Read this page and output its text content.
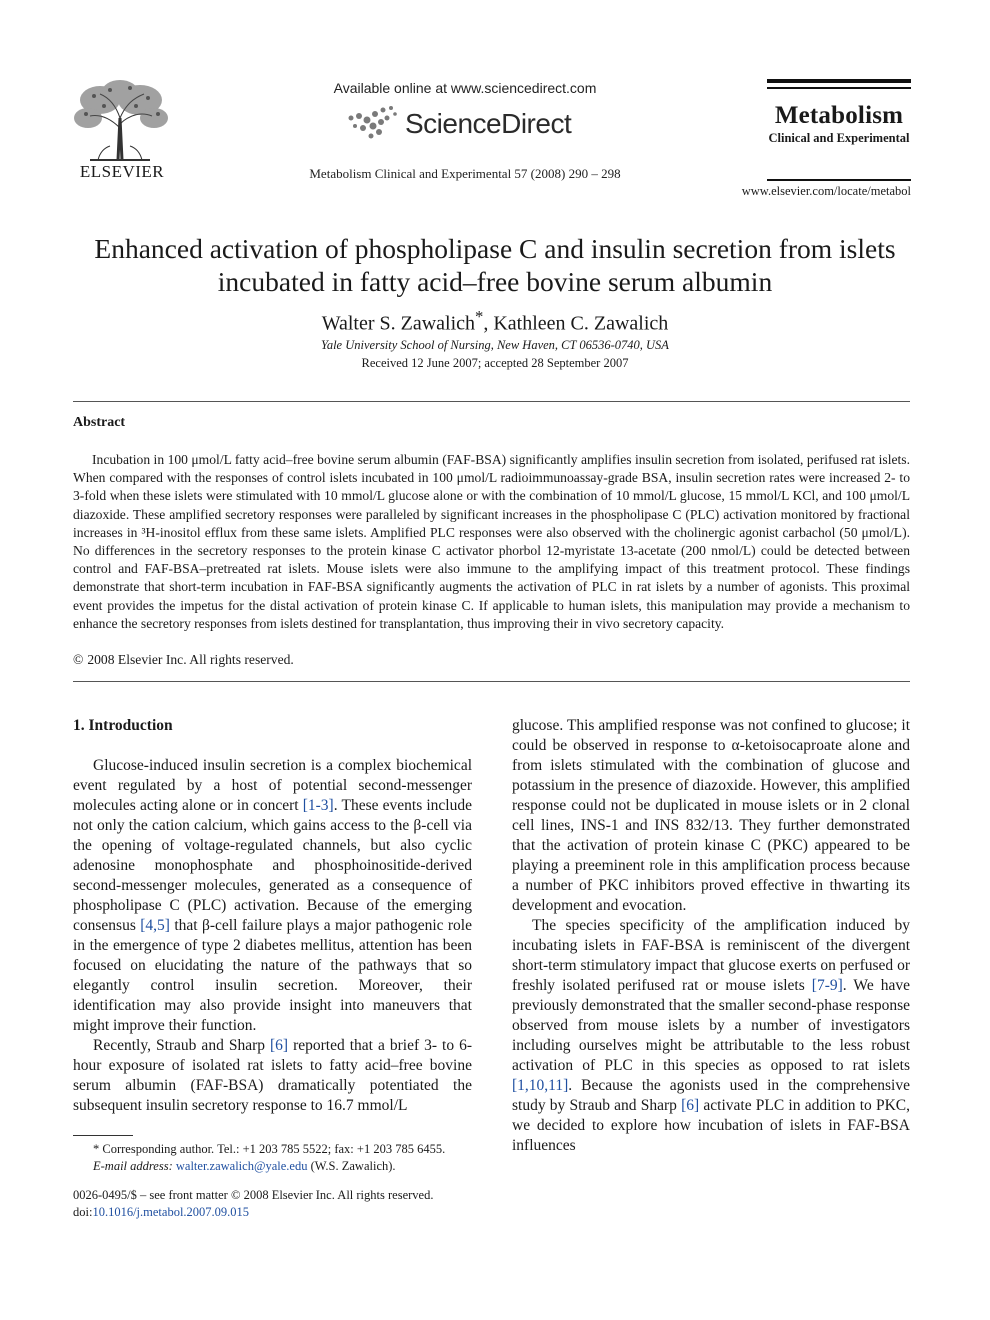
ELSEVIER
Available online at www.sciencedirect.com
ScienceDirect
Metabolism Clinical and Experimental 57 (2008) 290 – 298
Metabolism
Clinical and Experimental
www.elsevier.com/locate/metabol
Enhanced activation of phospholipase C and insulin secretion from islets incubated in fatty acid–free bovine serum albumin
Walter S. Zawalich*, Kathleen C. Zawalich
Yale University School of Nursing, New Haven, CT 06536-0740, USA
Received 12 June 2007; accepted 28 September 2007
Abstract
Incubation in 100 μmol/L fatty acid–free bovine serum albumin (FAF-BSA) significantly amplifies insulin secretion from isolated, perifused rat islets. When compared with the responses of control islets incubated in 100 μmol/L radioimmunoassay-grade BSA, insulin secretion rates were increased 2- to 3-fold when these islets were stimulated with 10 mmol/L glucose alone or with the combination of 10 mmol/L glucose, 15 mmol/L KCl, and 100 μmol/L diazoxide. These amplified secretory responses were paralleled by significant increases in the phospholipase C (PLC) activation monitored by fractional increases in ³H-inositol efflux from these same islets. Amplified PLC responses were also observed with the cholinergic agonist carbachol (50 μmol/L). No differences in the secretory responses to the protein kinase C activator phorbol 12-myristate 13-acetate (200 nmol/L) could be detected between control and FAF-BSA–pretreated rat islets. Mouse islets were also immune to the amplifying impact of this treatment protocol. These findings demonstrate that short-term incubation in FAF-BSA significantly augments the activation of PLC in rat islets by a number of agonists. This proximal event provides the impetus for the distal activation of protein kinase C. If applicable to human islets, this manipulation may provide a mechanism to enhance the secretory responses from islets destined for transplantation, thus improving their in vivo secretory capacity.
© 2008 Elsevier Inc. All rights reserved.
1. Introduction

Glucose-induced insulin secretion is a complex biochemical event regulated by a host of potential second-messenger molecules acting alone or in concert [1-3]. These events include not only the cation calcium, which gains access to the β-cell via the opening of voltage-regulated channels, but also cyclic adenosine monophosphate and phosphoinositide-derived second-messenger molecules, generated as a consequence of phospholipase C (PLC) activation. Because of the emerging consensus [4,5] that β-cell failure plays a major pathogenic role in the emergence of type 2 diabetes mellitus, attention has been focused on elucidating the nature of the pathways that so elegantly control insulin secretion. Moreover, their identification may also provide insight into maneuvers that might improve their function.

Recently, Straub and Sharp [6] reported that a brief 3- to 6-hour exposure of isolated rat islets to fatty acid–free bovine serum albumin (FAF-BSA) dramatically potentiated the subsequent insulin secretory response to 16.7 mmol/L

glucose. This amplified response was not confined to glucose; it could be observed in response to α-ketoisocaproate alone and from islets stimulated with the combination of glucose and potassium in the presence of diazoxide. However, this amplified response could not be duplicated in mouse islets or in 2 clonal cell lines, INS-1 and INS 832/13. They further demonstrated that the activation of protein kinase C (PKC) appeared to be playing a preeminent role in this amplification process because a number of PKC inhibitors proved effective in thwarting its development and evocation.

The species specificity of the amplification induced by incubating islets in FAF-BSA is reminiscent of the divergent short-term stimulatory impact that glucose exerts on perfused or freshly isolated perifused rat or mouse islets [7-9]. We have previously demonstrated that the smaller second-phase response observed from mouse islets by a number of investigators including ourselves might be attributable to the less robust activation of PLC in this species as opposed to rat islets [1,10,11]. Because the agonists used in the comprehensive study by Straub and Sharp [6] activate PLC in addition to PKC, we decided to explore how incubation of islets in FAF-BSA influences

* Corresponding author. Tel.: +1 203 785 5522; fax: +1 203 785 6455.
E-mail address: walter.zawalich@yale.edu (W.S. Zawalich).
0026-0495/$ – see front matter © 2008 Elsevier Inc. All rights reserved.
doi:10.1016/j.metabol.2007.09.015
